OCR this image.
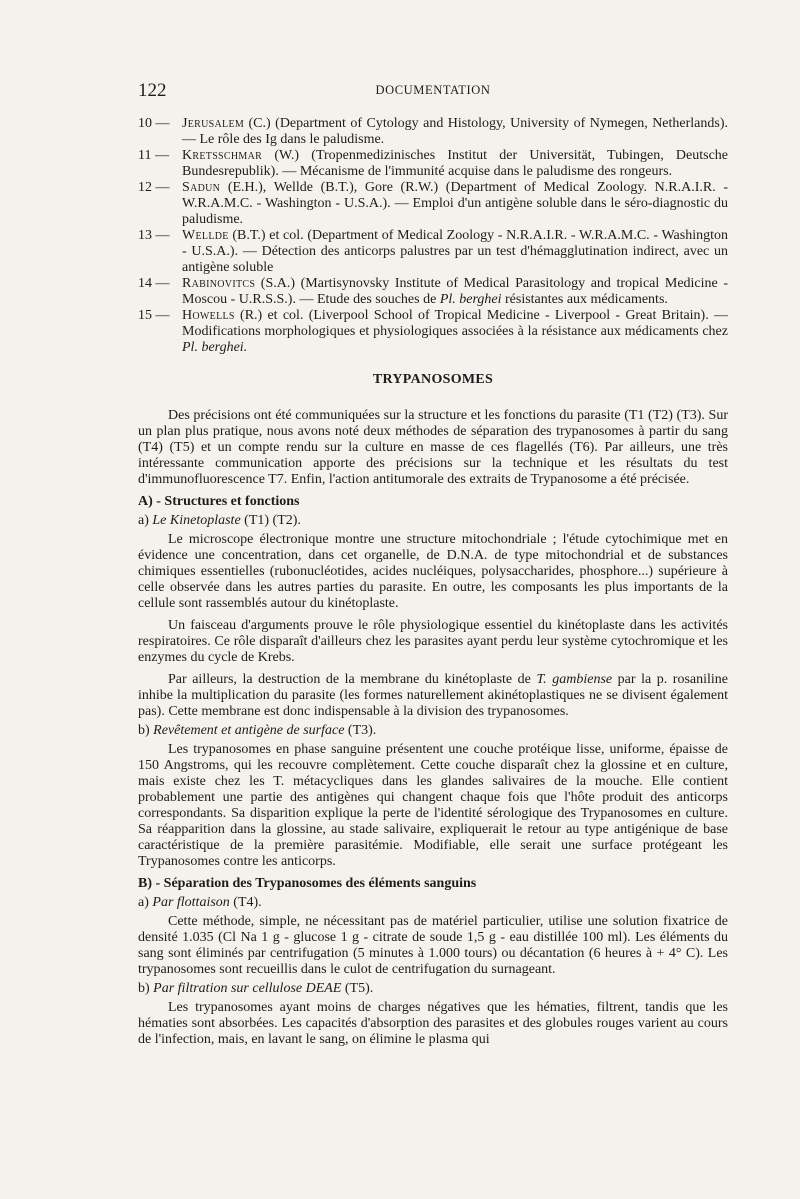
122	DOCUMENTATION

10 — Jerusalem (C.) (Department of Cytology and Histology, University of Nymegen, Netherlands). — Le rôle des Ig dans le paludisme.

11 — Kretsschmar (W.) (Tropenmedizinisches Institut der Universität, Tubingen, Deutsche Bundesrepublik). — Mécanisme de l'immunité acquise dans le paludisme des rongeurs.

12 — Sadun (E.H.), Wellde (B.T.), Gore (R.W.) (Department of Medical Zoology. N.R.A.I.R. - W.R.A.M.C. - Washington - U.S.A.). — Emploi d'un antigène soluble dans le séro-diagnostic du paludisme.

13 — Wellde (B.T.) et col. (Department of Medical Zoology - N.R.A.I.R. - W.R.A.M.C. - Washington - U.S.A.). — Détection des anticorps palustres par un test d'hémagglutination indirect, avec un antigène soluble

14 — Rabinovitcs (S.A.) (Martisynovsky Institute of Medical Parasitology and tropical Medicine - Moscou - U.R.S.S.). — Etude des souches de Pl. berghei résistantes aux médicaments.

15 — Howells (R.) et col. (Liverpool School of Tropical Medicine - Liverpool - Great Britain). — Modifications morphologiques et physiologiques associées à la résistance aux médicaments chez Pl. berghei.

TRYPANOSOMES

Des précisions ont été communiquées sur la structure et les fonctions du parasite (T1 (T2) (T3). Sur un plan plus pratique, nous avons noté deux méthodes de séparation des trypanosomes à partir du sang (T4) (T5) et un compte rendu sur la culture en masse de ces flagellés (T6). Par ailleurs, une très intéressante communication apporte des précisions sur la technique et les résultats du test d'immunofluorescence T7. Enfin, l'action antitumorale des extraits de Trypanosome a été précisée.

A) - Structures et fonctions
a) Le Kinetoplaste (T1) (T2).

Le microscope électronique montre une structure mitochondriale ; l'étude cytochimique met en évidence une concentration, dans cet organelle, de D.N.A. de type mitochondrial et de substances chimiques essentielles (rubonucléotides, acides nucléiques, polysaccharides, phosphore...) supérieure à celle observée dans les autres parties du parasite. En outre, les composants les plus importants de la cellule sont rassemblés autour du kinétoplaste.

Un faisceau d'arguments prouve le rôle physiologique essentiel du kinétoplaste dans les activités respiratoires. Ce rôle disparaît d'ailleurs chez les parasites ayant perdu leur système cytochromique et les enzymes du cycle de Krebs.

Par ailleurs, la destruction de la membrane du kinétoplaste de T. gambiense par la p. rosaniline inhibe la multiplication du parasite (les formes naturellement akinétoplastiques ne se divisent également pas). Cette membrane est donc indispensable à la division des trypanosomes.

b) Revêtement et antigène de surface (T3).

Les trypanosomes en phase sanguine présentent une couche protéique lisse, uniforme, épaisse de 150 Angstroms, qui les recouvre complètement. Cette couche disparaît chez la glossine et en culture, mais existe chez les T. métacycliques dans les glandes salivaires de la mouche. Elle contient probablement une partie des antigènes qui changent chaque fois que l'hôte produit des anticorps correspondants. Sa disparition explique la perte de l'identité sérologique des Trypanosomes en culture. Sa réapparition dans la glossine, au stade salivaire, expliquerait le retour au type antigénique de base caractéristique de la première parasitémie. Modifiable, elle serait une surface protégeant les Trypanosomes contre les anticorps.

B) - Séparation des Trypanosomes des éléments sanguins
a) Par flottaison (T4).

Cette méthode, simple, ne nécessitant pas de matériel particulier, utilise une solution fixatrice de densité 1.035 (Cl Na 1 g - glucose 1 g - citrate de soude 1,5 g - eau distillée 100 ml). Les éléments du sang sont éliminés par centrifugation (5 minutes à 1.000 tours) ou décantation (6 heures à + 4° C). Les trypanosomes sont recueillis dans le culot de centrifugation du surnageant.

b) Par filtration sur cellulose DEAE (T5).

Les trypanosomes ayant moins de charges négatives que les hématies, filtrent, tandis que les hématies sont absorbées. Les capacités d'absorption des parasites et des globules rouges varient au cours de l'infection, mais, en lavant le sang, on élimine le plasma qui
